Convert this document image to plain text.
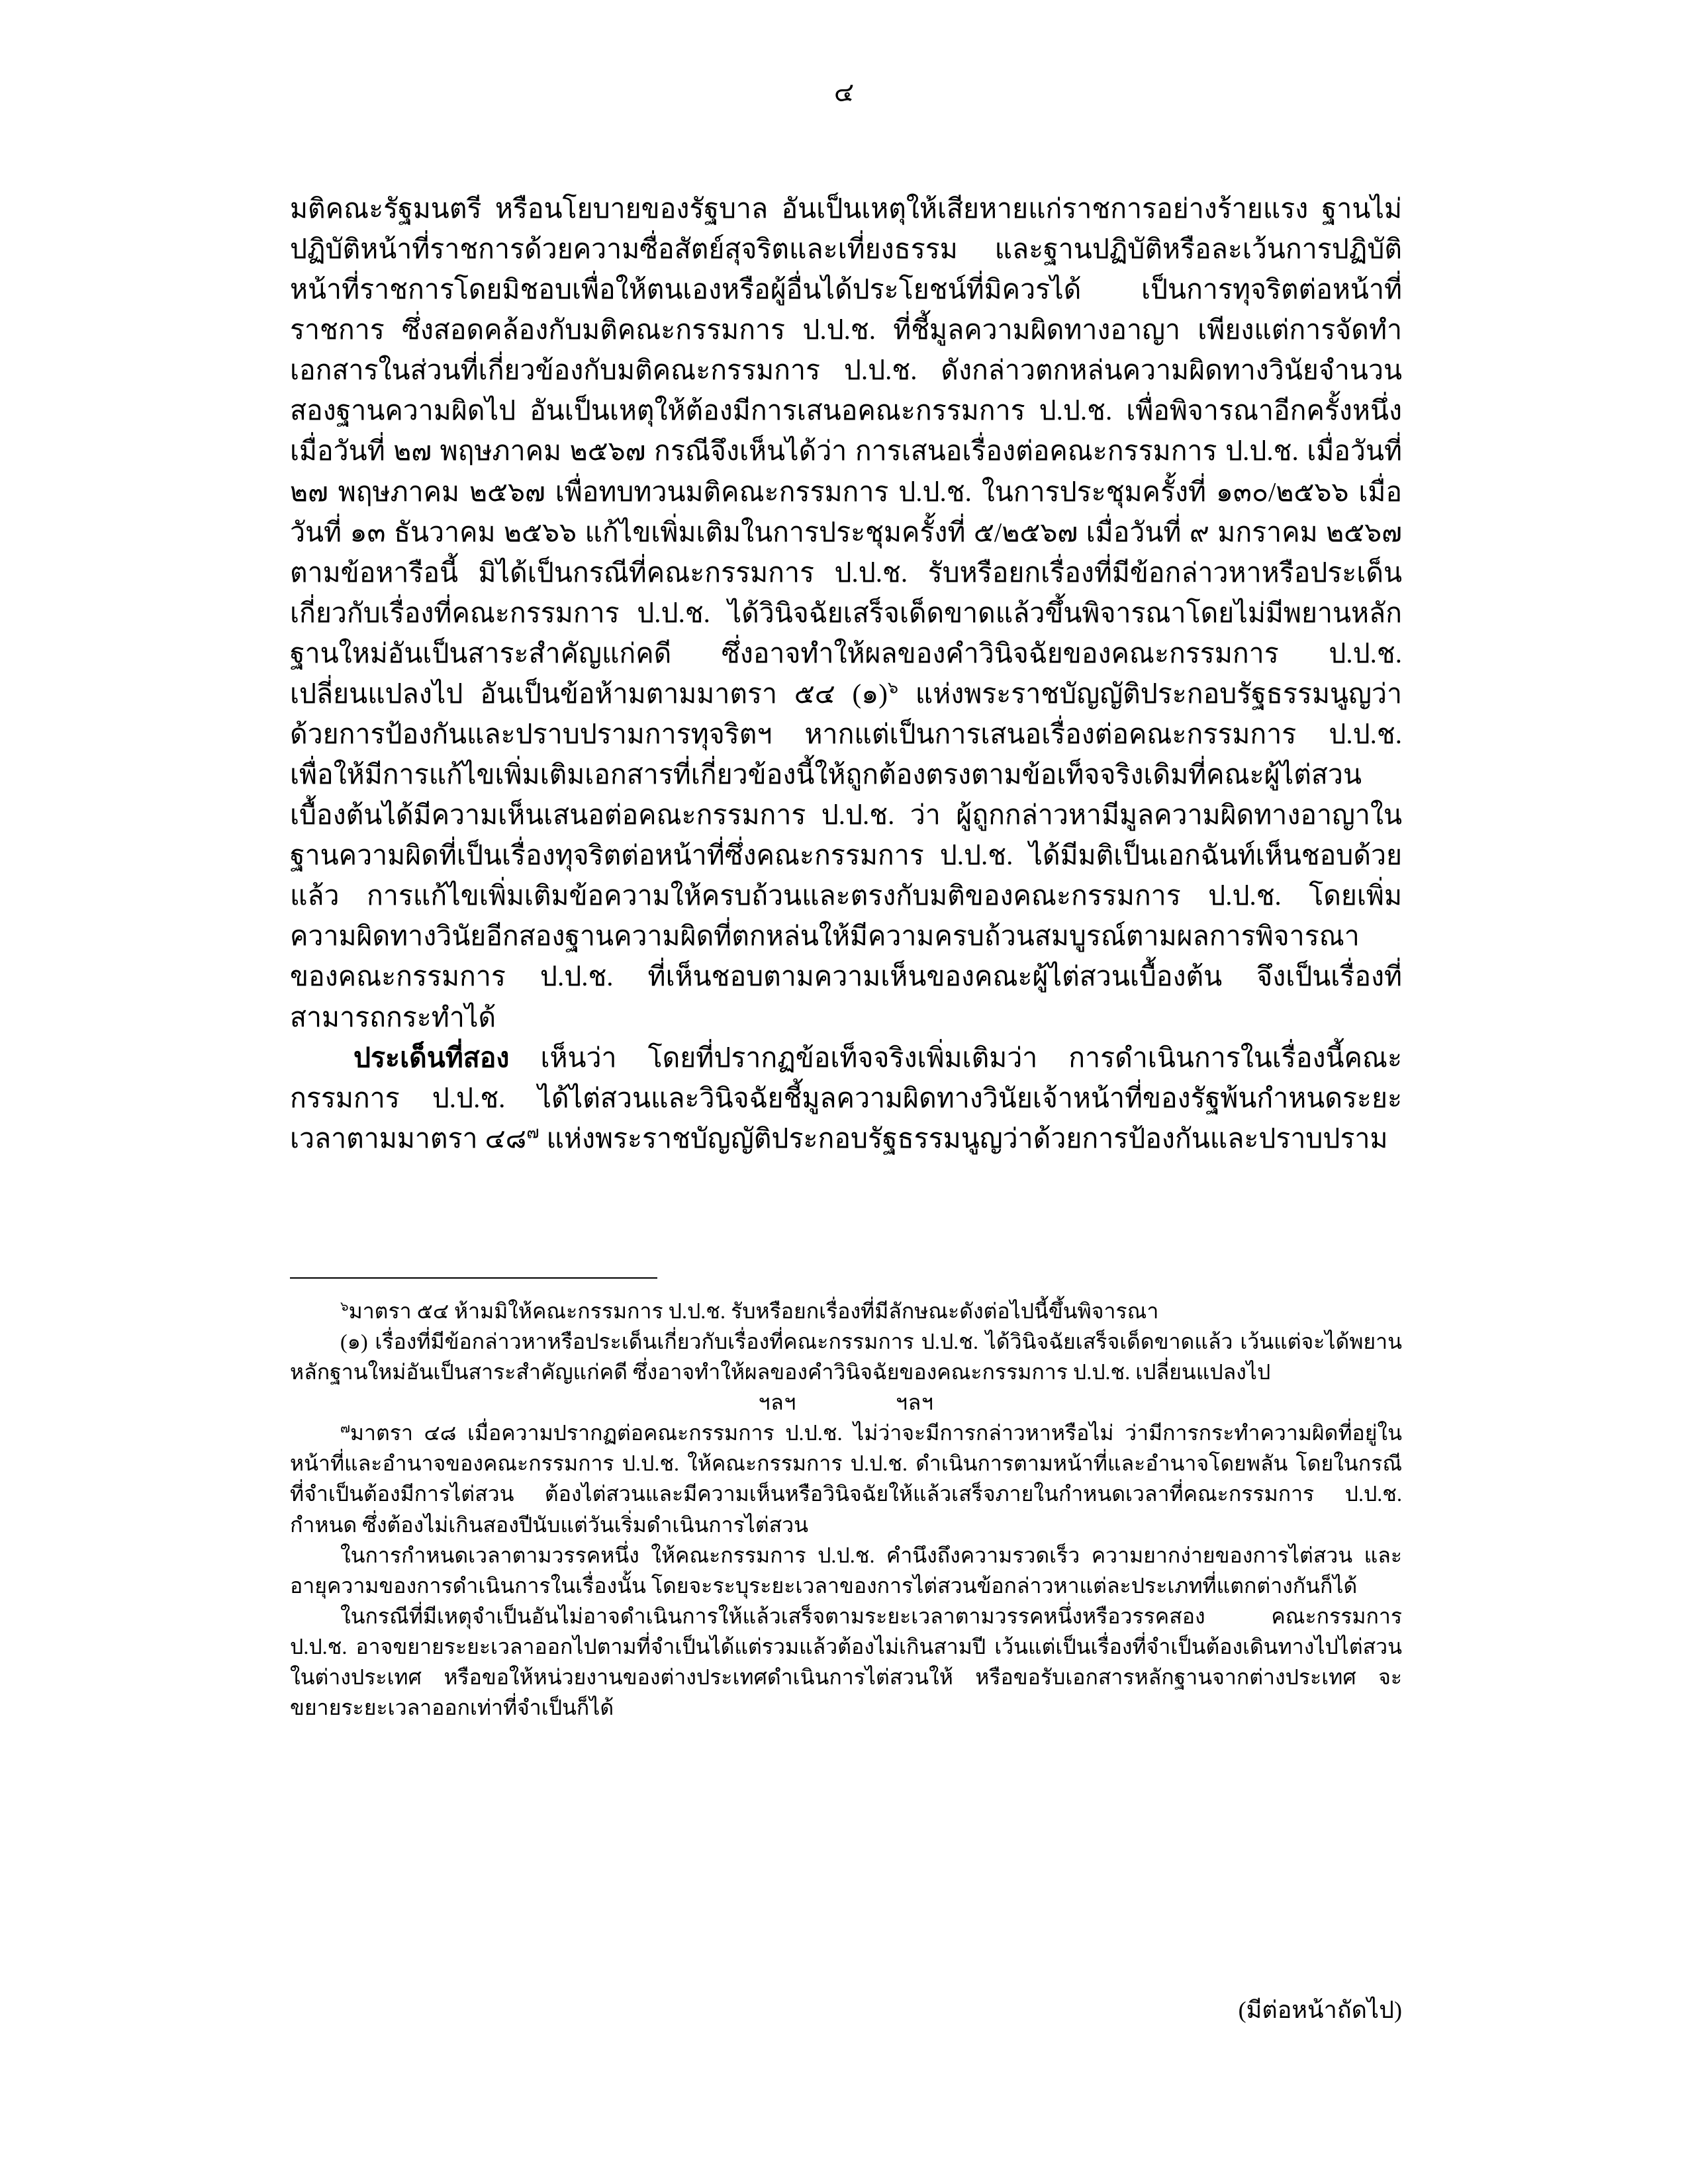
๔

มติคณะรัฐมนตรี หรือนโยบายของรัฐบาล อันเป็นเหตุให้เสียหายแก่ราชการอย่างร้ายแรง ฐานไม่ปฏิบัติหน้าที่ราชการด้วยความซื่อสัตย์สุจริตและเที่ยงธรรม และฐานปฏิบัติหรือละเว้นการปฏิบัติหน้าที่ราชการโดยมิชอบเพื่อให้ตนเองหรือผู้อื่นได้ประโยชน์ที่มิควรได้ เป็นการทุจริตต่อหน้าที่ราชการ ซึ่งสอดคล้องกับมติคณะกรรมการ ป.ป.ช. ที่ชี้มูลความผิดทางอาญา เพียงแต่การจัดทำเอกสารในส่วนที่เกี่ยวข้องกับมติคณะกรรมการ ป.ป.ช. ดังกล่าวตกหล่นความผิดทางวินัยจำนวนสองฐานความผิดไป อันเป็นเหตุให้ต้องมีการเสนอคณะกรรมการ ป.ป.ช. เพื่อพิจารณาอีกครั้งหนึ่งเมื่อวันที่ ๒๗ พฤษภาคม ๒๕๖๗ กรณีจึงเห็นได้ว่า การเสนอเรื่องต่อคณะกรรมการ ป.ป.ช. เมื่อวันที่ ๒๗ พฤษภาคม ๒๕๖๗ เพื่อทบทวนมติคณะกรรมการ ป.ป.ช. ในการประชุมครั้งที่ ๑๓๐/๒๕๖๖ เมื่อวันที่ ๑๓ ธันวาคม ๒๕๖๖ แก้ไขเพิ่มเติมในการประชุมครั้งที่ ๕/๒๕๖๗ เมื่อวันที่ ๙ มกราคม ๒๕๖๗ ตามข้อหารือนี้ มิได้เป็นกรณีที่คณะกรรมการ ป.ป.ช. รับหรือยกเรื่องที่มีข้อกล่าวหาหรือประเด็นเกี่ยวกับเรื่องที่คณะกรรมการ ป.ป.ช. ได้วินิจฉัยเสร็จเด็ดขาดแล้วขึ้นพิจารณาโดยไม่มีพยานหลักฐานใหม่อันเป็นสาระสำคัญแก่คดี ซึ่งอาจทำให้ผลของคำวินิจฉัยของคณะกรรมการ ป.ป.ช. เปลี่ยนแปลงไป อันเป็นข้อห้ามตามมาตรา ๕๔ (๑)$^๖$ แห่งพระราชบัญญัติประกอบรัฐธรรมนูญว่าด้วยการป้องกันและปราบปรามการทุจริตฯ หากแต่เป็นการเสนอเรื่องต่อคณะกรรมการ ป.ป.ช. เพื่อให้มีการแก้ไขเพิ่มเติมเอกสารที่เกี่ยวข้องนี้ให้ถูกต้องตรงตามข้อเท็จจริงเดิมที่คณะผู้ไต่สวนเบื้องต้นได้มีความเห็นเสนอต่อคณะกรรมการ ป.ป.ช. ว่า ผู้ถูกกล่าวหามีมูลความผิดทางอาญาในฐานความผิดที่เป็นเรื่องทุจริตต่อหน้าที่ซึ่งคณะกรรมการ ป.ป.ช. ได้มีมติเป็นเอกฉันท์เห็นชอบด้วยแล้ว การแก้ไขเพิ่มเติมข้อความให้ครบถ้วนและตรงกับมติของคณะกรรมการ ป.ป.ช. โดยเพิ่มความผิดทางวินัยอีกสองฐานความผิดที่ตกหล่นให้มีความครบถ้วนสมบูรณ์ตามผลการพิจารณาของคณะกรรมการ ป.ป.ช. ที่เห็นชอบตามความเห็นของคณะผู้ไต่สวนเบื้องต้น จึงเป็นเรื่องที่สามารถกระทำได้

ประเด็นที่สอง เห็นว่า โดยที่ปรากฏข้อเท็จจริงเพิ่มเติมว่า การดำเนินการในเรื่องนี้คณะกรรมการ ป.ป.ช. ได้ไต่สวนและวินิจฉัยชี้มูลความผิดทางวินัยเจ้าหน้าที่ของรัฐพ้นกำหนดระยะเวลาตามมาตรา ๔๘$^๗$ แห่งพระราชบัญญัติประกอบรัฐธรรมนูญว่าด้วยการป้องกันและปราบปราม

$^๖$มาตรา ๕๔ ห้ามมิให้คณะกรรมการ ป.ป.ช. รับหรือยกเรื่องที่มีลักษณะดังต่อไปนี้ขึ้นพิจารณา

(๑) เรื่องที่มีข้อกล่าวหาหรือประเด็นเกี่ยวกับเรื่องที่คณะกรรมการ ป.ป.ช. ได้วินิจฉัยเสร็จเด็ดขาดแล้ว เว้นแต่จะได้พยานหลักฐานใหม่อันเป็นสาระสำคัญแก่คดี ซึ่งอาจทำให้ผลของคำวินิจฉัยของคณะกรรมการ ป.ป.ช. เปลี่ยนแปลงไป

ฯลฯ	ฯลฯ

$^๗$มาตรา ๔๘ เมื่อความปรากฏต่อคณะกรรมการ ป.ป.ช. ไม่ว่าจะมีการกล่าวหาหรือไม่ ว่ามีการกระทำความผิดที่อยู่ในหน้าที่และอำนาจของคณะกรรมการ ป.ป.ช. ให้คณะกรรมการ ป.ป.ช. ดำเนินการตามหน้าที่และอำนาจโดยพลัน โดยในกรณีที่จำเป็นต้องมีการไต่สวน ต้องไต่สวนและมีความเห็นหรือวินิจฉัยให้แล้วเสร็จภายในกำหนดเวลาที่คณะกรรมการ ป.ป.ช. กำหนด ซึ่งต้องไม่เกินสองปีนับแต่วันเริ่มดำเนินการไต่สวน

ในการกำหนดเวลาตามวรรคหนึ่ง ให้คณะกรรมการ ป.ป.ช. คำนึงถึงความรวดเร็ว ความยากง่ายของการไต่สวน และอายุความของการดำเนินการในเรื่องนั้น โดยจะระบุระยะเวลาของการไต่สวนข้อกล่าวหาแต่ละประเภทที่แตกต่างกันก็ได้

ในกรณีที่มีเหตุจำเป็นอันไม่อาจดำเนินการให้แล้วเสร็จตามระยะเวลาตามวรรคหนึ่งหรือวรรคสอง คณะกรรมการ ป.ป.ช. อาจขยายระยะเวลาออกไปตามที่จำเป็นได้แต่รวมแล้วต้องไม่เกินสามปี เว้นแต่เป็นเรื่องที่จำเป็นต้องเดินทางไปไต่สวนในต่างประเทศ หรือขอให้หน่วยงานของต่างประเทศดำเนินการไต่สวนให้ หรือขอรับเอกสารหลักฐานจากต่างประเทศ จะขยายระยะเวลาออกเท่าที่จำเป็นก็ได้

(มีต่อหน้าถัดไป)
